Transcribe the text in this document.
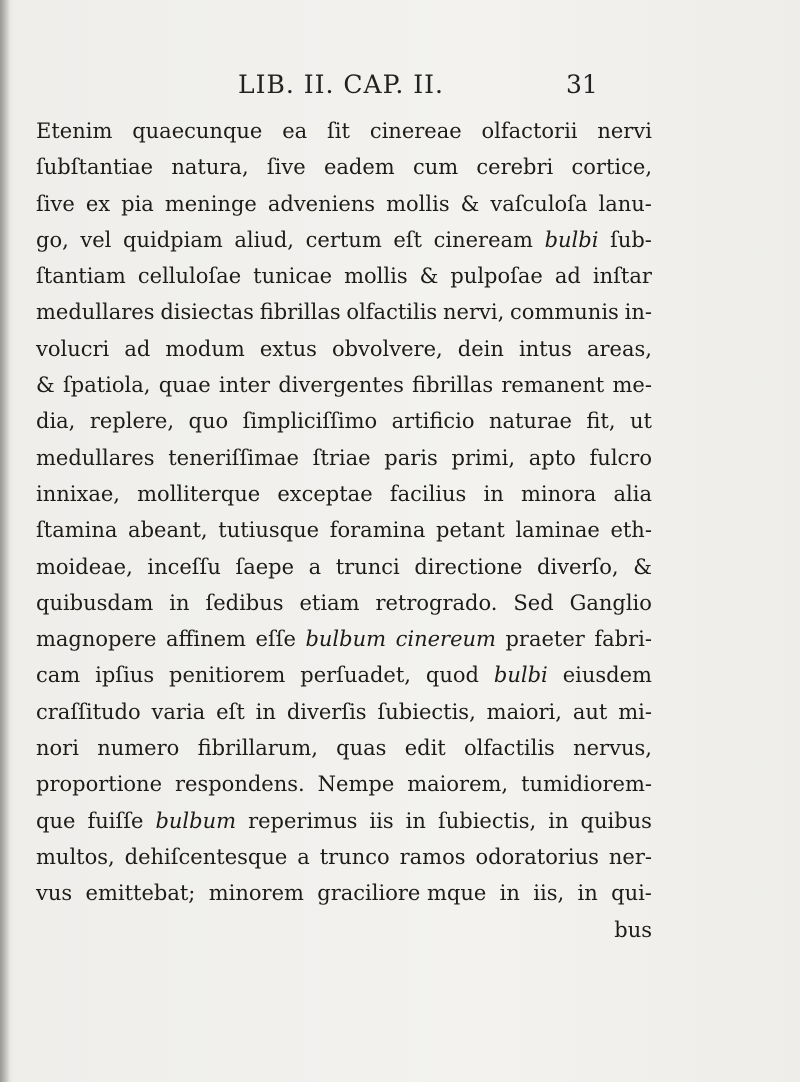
LIB. II. CAP. II.	31
Etenim quaecunque ea ſit cinereae olfactorii nervi
ſubſtantiae natura, ſive eadem cum cerebri cortice,
ſive ex pia meninge adveniens mollis & vaſculoſa lanu-
go, vel quidpiam aliud, certum eſt cineream bulbi ſub-
ſtantiam celluloſae tunicae mollis & pulpoſae ad inſtar
medullares disiectas fibrillas olfactilis nervi, communis in-
volucri ad modum extus obvolvere, dein intus areas,
& ſpatiola, quae inter divergentes fibrillas remanent me-
dia, replere, quo ſimpliciſſimo artificio naturae fit, ut
medullares teneriſſimae ſtriae paris primi, apto fulcro
innixae, molliterque exceptae facilius in minora alia
ſtamina abeant, tutiusque foramina petant laminae eth-
moideae, inceſſu ſaepe a trunci directione diverſo, &
quibusdam in ſedibus etiam retrogrado. Sed Ganglio
magnopere affinem eſſe bulbum cinereum praeter fabri-
cam ipſius penitiorem perſuadet, quod bulbi eiusdem
craſſitudo varia eſt in diverſis ſubiectis, maiori, aut mi-
nori numero fibrillarum, quas edit olfactilis nervus,
proportione respondens. Nempe maiorem, tumidiorem-
que fuiſſe bulbum reperimus iis in ſubiectis, in quibus
multos, dehiſcentesque a trunco ramos odoratorius ner-
vus emittebat; minorem graciliore mque in iis, in qui-
bus
